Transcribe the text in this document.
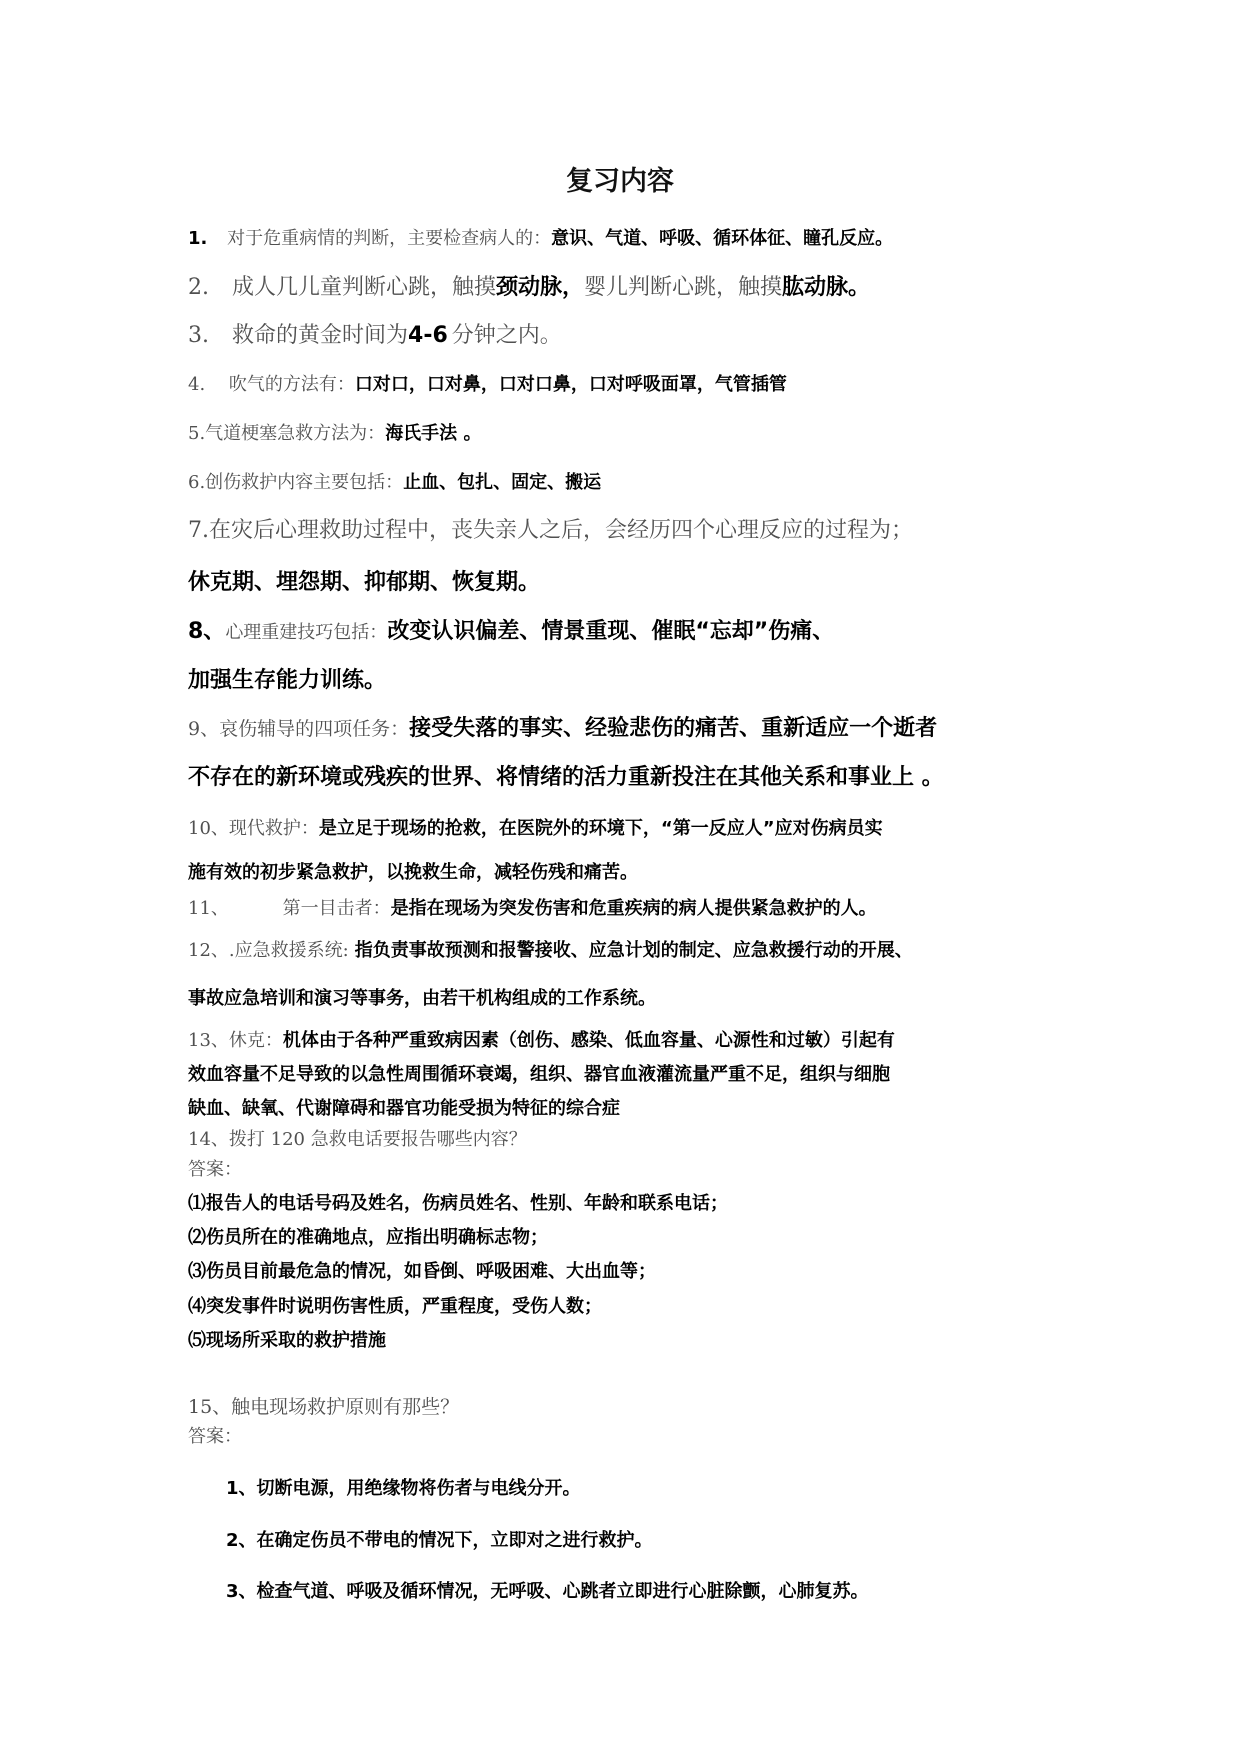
复习内容
1. 对于危重病情的判断，主要检查病人的：意识、气道、呼吸、循环体征、瞳孔反应。
2. 成人几儿童判断心跳，触摸颈动脉，婴儿判断心跳，触摸肱动脉。
3. 救命的黄金时间为4-6 分钟之内。
4. 吹气的方法有：口对口，口对鼻，口对口鼻，口对呼吸面罩，气管插管
5.气道梗塞急救方法为：海氏手法 。
6.创伤救护内容主要包括：止血、包扎、固定、搬运
7.在灾后心理救助过程中，丧失亲人之后，会经历四个心理反应的过程为；
休克期、埋怨期、抑郁期、恢复期。
8、心理重建技巧包括：改变认识偏差、情景重现、催眠“忘却”伤痛、
加强生存能力训练。
9、哀伤辅导的四项任务：接受失落的事实、经验悲伤的痛苦、重新适应一个逝者
不存在的新环境或残疾的世界、将情绪的活力重新投注在其他关系和事业上 。
10、现代救护：是立足于现场的抢救，在医院外的环境下，“第一反应人”应对伤病员实
施有效的初步紧急救护，以挽救生命，减轻伤残和痛苦。
11、	第一目击者：是指在现场为突发伤害和危重疾病的病人提供紧急救护的人。
12、.应急救援系统: 指负责事故预测和报警接收、应急计划的制定、应急救援行动的开展、
事故应急培训和演习等事务，由若干机构组成的工作系统。
13、休克：机体由于各种严重致病因素（创伤、感染、低血容量、心源性和过敏）引起有
效血容量不足导致的以急性周围循环衰竭，组织、器官血液灌流量严重不足，组织与细胞
缺血、缺氧、代谢障碍和器官功能受损为特征的综合症
14、拨打 120 急救电话要报告哪些内容？
答案：
⑴报告人的电话号码及姓名，伤病员姓名、性别、年龄和联系电话；
⑵伤员所在的准确地点，应指出明确标志物；
⑶伤员目前最危急的情况，如昏倒、呼吸困难、大出血等；
⑷突发事件时说明伤害性质，严重程度，受伤人数；
⑸现场所采取的救护措施
15、触电现场救护原则有那些？
答案：
1、切断电源，用绝缘物将伤者与电线分开。
2、在确定伤员不带电的情况下，立即对之进行救护。
3、检查气道、呼吸及循环情况，无呼吸、心跳者立即进行心脏除颤，心肺复苏。
